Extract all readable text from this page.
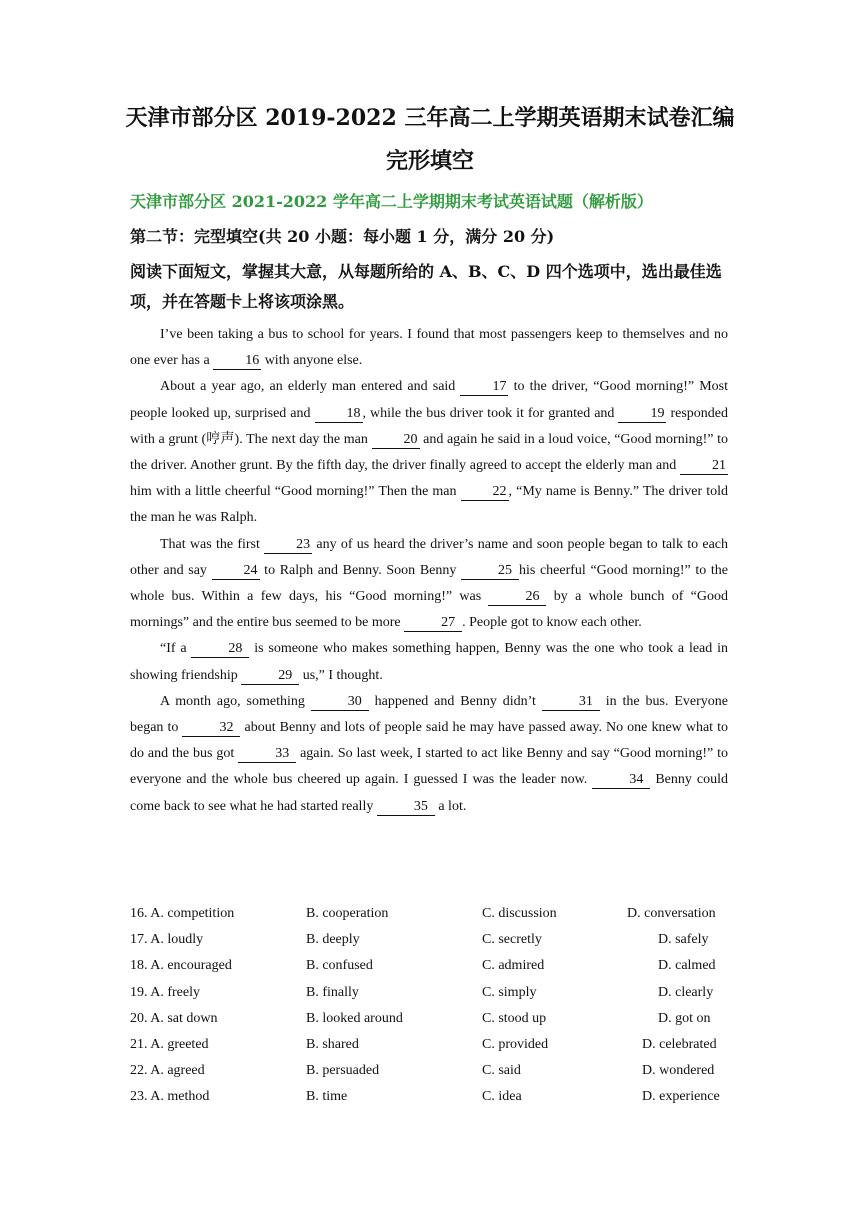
天津市部分区 2019-2022 三年高二上学期英语期末试卷汇编
完形填空
天津市部分区 2021-2022 学年高二上学期期末考试英语试题（解析版）
第二节：完型填空(共 20 小题：每小题 1 分，满分 20 分)
阅读下面短文，掌握其大意，从每题所给的 A、B、C、D 四个选项中，选出最佳选项，并在答题卡上将该项涂黑。

I’ve been taking a bus to school for years. I found that most passengers keep to themselves and no one ever has a 16 with anyone else.

About a year ago, an elderly man entered and said 17 to the driver, “Good morning!” Most people looked up, surprised and 18 , while the bus driver took it for granted and 19 responded with a grunt (哼声). The next day the man 20 and again he said in a loud voice, “Good morning!” to the driver. Another grunt. By the fifth day, the driver finally agreed to accept the elderly man and 21 him with a little cheerful “Good morning!” Then the man 22 , “My name is Benny.” The driver told the man he was Ralph.

That was the first 23 any of us heard the driver’s name and soon people began to talk to each other and say 24 to Ralph and Benny. Soon Benny	25 his cheerful “Good morning!” to the whole bus. Within a few days, his “Good morning!” was	26 by a whole bunch of “Good mornings” and the entire bus seemed to be more	27 . People got to know each other.

“If a	28 is someone who makes something happen, Benny was the one who took a lead in showing friendship	29 us,” I thought.

A month ago, something	30 happened and Benny didn’t	31 in the bus. Everyone began to	32 about Benny and lots of people said he may have passed away. No one knew what to do and the bus got	33 again. So last week, I started to act like Benny and say “Good morning!” to everyone and the whole bus cheered up again. I guessed I was the leader now.	34 Benny could come back to see what he had started really	35 a lot.

16. A. competition	B. cooperation	C. discussion	D. conversation
17. A. loudly	B. deeply	C. secretly	D. safely
18. A. encouraged	B. confused	C. admired	D. calmed
19. A. freely	B. finally	C. simply	D. clearly
20. A. sat down	B. looked around	C. stood up	D. got on
21. A. greeted	B. shared	C. provided	D. celebrated
22. A. agreed	B. persuaded	C. said	D. wondered
23. A. method	B. time	C. idea	D. experience
